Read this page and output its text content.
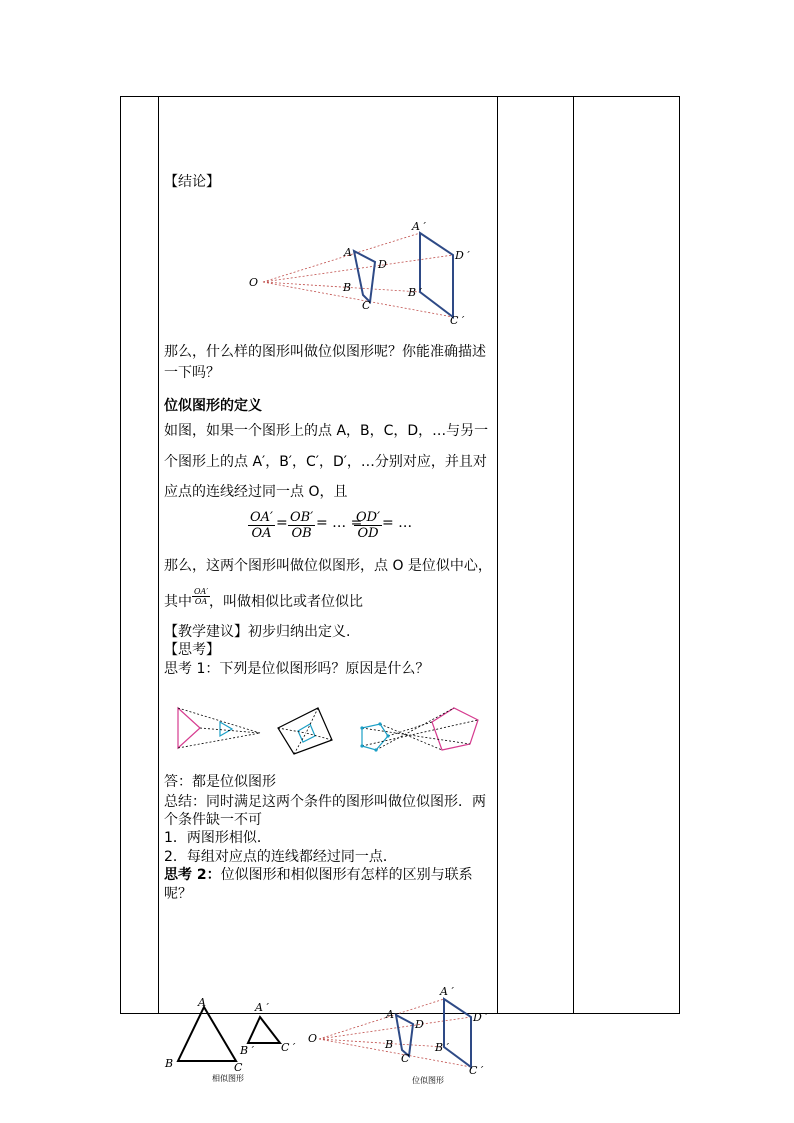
【结论】
O
A
B
C
D
A ′
B ′
C ′
D ′
那么，什么样的图形叫做位似图形呢？你能准确描述
一下吗？
位似图形的定义
如图，如果一个图形上的点 A，B，C，D，…与另一
个图形上的点 A′，B′，C′，D′，…分别对应，并且对
应点的连线经过同一点 O，且
$\frac{OA'}{OA} = \frac{OB'}{OB}$ = … =
$\frac{OD'}{OD}$ = …
那么，这两个图形叫做位似图形，点 O 是位似中心，
其中 $\frac{OA'}{OA}$
，叫做相似比或者位似比
【教学建议】初步归纳出定义.
【思考】
思考 1：下列是位似图形吗？原因是什么？
答：都是位似图形
总结：同时满足这两个条件的图形叫做位似图形．两
个条件缺一不可
1．两图形相似．
2．每组对应点的连线都经过同一点．
思考 2：位似图形和相似图形有怎样的区别与联系
呢？
A
B	C
A ′
B ′ C ′
相似图形
O
A
B
C
D
A ′
B ′
C ′
D ′
位似图形
